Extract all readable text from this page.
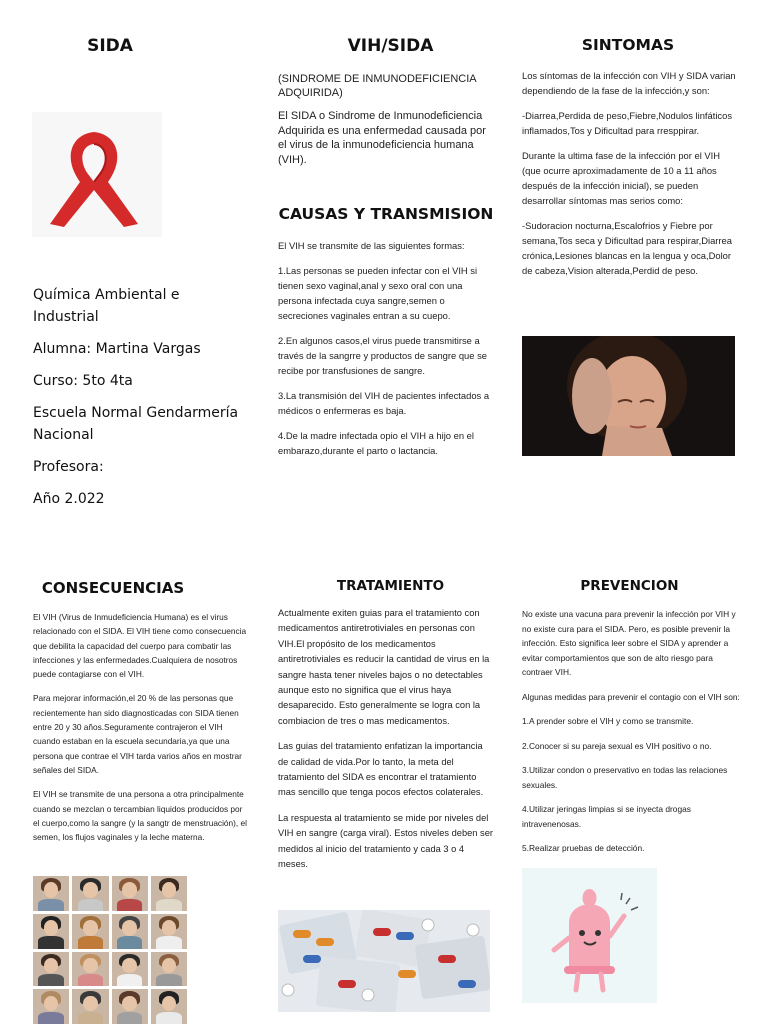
SIDA

Química Ambiental e Industrial

Alumna: Martina Vargas

Curso: 5to 4ta

Escuela Normal Gendarmería Nacional

Profesora:

Año 2.022

VIH/SIDA
(SINDROME DE INMUNODEFICIENCIA ADQUIRIDA)
El SIDA o Sindrome de Inmunodeficiencia Adquirida es una enfermedad causada por el virus de la inmunodeficiencia humana (VIH).
CAUSAS Y TRANSMISION

El VIH se transmite de las siguientes formas:

1.Las personas se pueden infectar con el VIH si tienen sexo vaginal,anal y sexo oral con una persona infectada cuya sangre,semen o secreciones vaginales entran a su cuepo.

2.En algunos casos,el virus puede transmitirse a través de la sangrre y productos de sangre que se recibe por transfusiones de sangre.

3.La transmisión del VIH de pacientes infectados a médicos o enfermeras es baja.

4.De la madre infectada opio el VIH a hijo en el embarazo,durante el parto o lactancia.

SINTOMAS

Los síntomas de la infección con VIH y SIDA varian dependiendo de la fase de la infección,y son:

-Diarrea,Perdida de peso,Fiebre,Nodulos linfáticos inflamados,Tos y Dificultad para rresppirar.

Durante la ultima fase de la infección por el VIH (que ocurre aproximadamente de 10 a 11 años después de la infección inicial), se pueden desarrollar síntomas mas serios como:

-Sudoracion nocturna,Escalofrios y Fiebre por semana,Tos seca y Dificultad para respirar,Diarrea crónica,Lesiones blancas en la lengua y oca,Dolor de cabeza,Vision alterada,Perdid de peso.

CONSECUENCIAS

El VIH (Virus de Inmudeficiencia Humana) es el virus relacionado con el SIDA. El VIH tiene como consecuencia que debilita la capacidad del cuerpo para combatir las infecciones y las enfermedades.Cualquiera de nosotros puede contagiarse con el VIH.

Para mejorar información,el 20 % de las personas que recientemente han sido diagnosticadas con SIDA tienen entre 20 y 30 años.Seguramente contrajeron el VIH cuando estaban en la escuela secundaria,ya que una persona que contrae el VIH tarda varios años en mostrar señales del SIDA.

El VIH se transmite de una persona a otra principalmente cuando se mezclan o tercambian liquidos producidos por el cuerpo,como la sangre (y la sangtr de menstruación), el semen, los flujos vaginales y la leche materna.

TRATAMIENTO

Actualmente exiten guias para el tratamiento con medicamentos antiretrotiviales en personas con VIH.El propósito de los medicamentos antiretrotiviales es reducir la cantidad de virus en la sangre hasta tener niveles bajos o no detectables aunque esto no significa que el virus haya desaparecido. Esto generalmente se logra con la combiacion de tres o mas medicamentos.

Las guias del tratamiento enfatizan la importancia de calidad de vida.Por lo tanto, la meta del tratamiento del SIDA es encontrar el tratamiento mas sencillo que tenga pocos efectos colaterales.

La respuesta al tratamiento se mide por niveles del VIH en sangre (carga viral). Estos niveles deben ser medidos al inicio del tratamiento y cada 3 o 4 meses.

PREVENCION

No existe una vacuna para prevenir la infección por VIH y no existe cura para el SIDA. Pero, es posible prevenir la infección. Esto significa leer sobre el SIDA y aprender a evitar comportamientos que son de alto riesgo para contraer VIH.

Algunas medidas para prevenir el contagio con el VIH son:

1.A prender sobre el VIH y como se transmite.

2.Conocer si su pareja sexual es VIH positivo o no.

3.Utilizar condon o preservativo en todas las relaciones sexuales.

4.Utilizar jeringas limpias si se inyecta drogas intravenenosas.

5.Realizar pruebas de detección.
